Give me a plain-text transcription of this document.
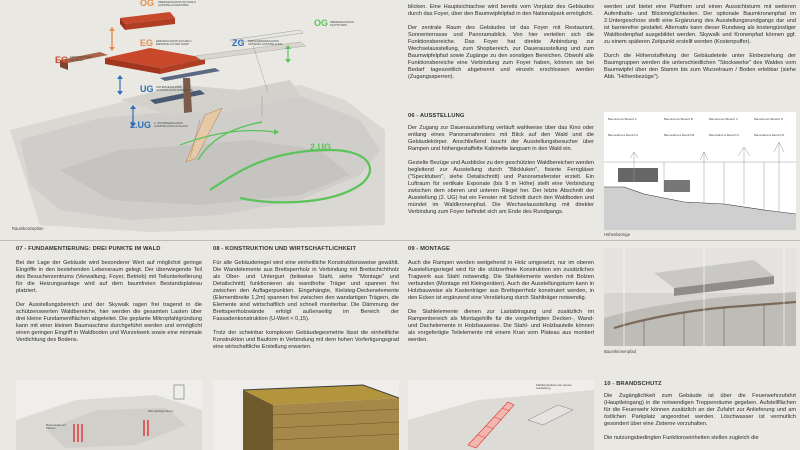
OG OBERGESCHOSS SKYWALK AUSSTELLUNGSTURM
EG ERDGESCHOSS ZUGANG / EMPFANG FOYER SHOP
EG ERDGESCHOSS SKYWALK
ZG ZWISCHENGESCHOSS SKYWALK AUSSTELLUNG
OG OBERGESCHOSS PLATTFORM
UG UNTERGESCHOSS AUSSTELLUNG KABINETTE
2.UG 2. UNTERGESCHOSS AUSSTELLUNG AUSLAUF
2.UG
Raumkonzeption

blicken. Eine Hauptsichtachse wird bereits vom Vorplatz des Gebäudes durch das Foyer, über den Baumwipfelpfad in den Nationalpark ermöglicht.

Der zentrale Raum des Gebäudes ist das Foyer mit Restaurant, Sonnenterrasse und Panoramablick. Von hier verteilen sich die Funktionsbereiche. Das Foyer hat direkte Anbindung zur Wechselausstellung, zum Shopbereich, zur Dauerausstellung und zum Baumwipfelpfad sowie Zugänge zu den sonstigen Bereichen. Obwohl alle Funktionsbereiche eine Verbindung zum Foyer haben, können sie bei Bedarf tageszeitlich abgetrennt und einzeln erschlossen werden (Zugangssperren).

06 - AUSSTELLUNG

Der Zugang zur Dauerausstellung verläuft wahlweise über das Kino oder entlang eines Panoramafensters mit Blick auf den Wald und die Gebäudekörper. Anschließend taucht der Ausstellungsbesucher über Rampen und höhengestaffelte Kabinette langsam in den Wald ein.

Gezielte Bezüge und Ausblicke zu den geschützten Waldbereichen werden begleitend zur Ausstellung durch "Blickluken", fixierte Ferngläser ("Specktuben", siehe Detailschnitt) und Panoramafenster erzielt. Ein Luftraum für vertikale Exponate (bis 9 m Höhe) stellt eine Verbindung zwischen dem oberen und unteren Riegel her. Der letzte Abschnitt der Ausstellung (2. UG) hat ein Fenster mit Schnitt durch den Waldboden und mündet im Waldkronenpfad. Die Wechselausstellung mit direkter Verbindung zum Foyer befindet sich am Ende des Rundgangs.

werden und bietet eine Plattform und einen Aussichtsturm mit weiteren Aufenthalts- und Blickmöglichkeiten. Der optionale Baumkronenpfad im 2.Untergeschoss stellt eine Ergänzung des Ausstellungsrundgangs dar und ist barrierefrei gestaltet. Alternativ kann dieser Rundweg als kostengünstiger Waldbodenpfad ausgebildet werden. Skywalk und Kronenpfad können ggf. zu einem späteren Zeitpunkt erstellt werden (Kostenpuffer).

Durch die Höhenstaffelung der Gebäudeteile unter Einbeziehung der Baumgruppen werden die unterschiedlichen "Stockwerke" des Waldes vom Baumwipfel über den Stamm bis zum Wurzelraum / Boden erlebbar (siehe Abb. "Höhenbezüge").

Baumkronen Bereich A	Baumkronen Bereich B	Baumkronen Bereich C	Baumkronen Bereich D
Baumstämme Bereich A	Baumstämme Bereich B	Baumstämme Bereich C	Baumstämme Bereich D
Höhenbezüge
07 - FUNDAMENTIERUNG: DREI PUNKTE IM WALD

Bei der Lage der Gebäude wird besonderer Wert auf möglichst geringe Eingriffe in den bestehenden Lebensraum gelegt. Der überwiegende Teil des Besucherzentrums (Verwaltung, Foyer, Betrieb) mit Teilunterkellerung für die Heizungsanlage wird auf dem baumfreien Bestandsplateau platziert.

Der Ausstellungsbereich und der Skywalk ragen frei tragend in die schützenswerten Waldbereiche, hier werden die gesamten Lasten über drei kleine Fundamentflächen abgeleitet. Die geplante Mikropfahlgründung kann mit einer kleinen Baumaschine durchgeführt werden und ermöglicht einen geringen Eingriff in Waldboden und Wurzelwerk sowie eine minimale Verdichtung des Bodens.

08 - KONSTRUKTION UND WIRTSCHAFTLICHKEIT

Für alle Gebäuderiegel wird eine einheitliche Konstruktionsweise gewählt. Die Wandelemente aus Brettsperrholz in Verbindung mit Brettschichtholz als Ober- und Untergurt (teilweise Stahl, siehe "Montage" und Detailschnitt) funktionieren als wandhohe Träger und spannen frei zwischen den Auflagerpunkten. Eingehängte, Kielsteg-Deckenelemente (Elementbreite 1,2m) spannen frei zwischen den wandartigen Trägern, die Elemente sind wirtschaftlich und schnell montierbar. Die Dämmung der Brettsperrholzwände erfolgt außenseitig im Bereich der Fassadenkonstruktion (U-Wert < 0,15).

Trotz der scheinbar komplexen Gebäudegeometrie lässt die einheitliche Konstruktion und Bauform in Verbindung mit dem hohen Vorfertigungsgrad eine wirtschaftliche Erstellung erwarten.

09 - MONTAGE

Auch die Rampen werden weitgehend in Holz umgesetzt, nur im oberen Ausstellungsriegel wird für die stützenfreie Konstruktion ein zusätzliches Tragwerk aus Stahl notwendig. Die Stahlelemente werden mit Bolzen verbunden (Montage mit Kleingeräten). Auch der Ausstellungsturm kann in Holzbauweise als Kastenträger aus Brettsperrholz konstruiert werden, in den Ecken ist ergänzend eine Verstärkung durch Stahlträger notwendig.

Die Stahlelemente dienen zur Lastabtragung und zusätzlich im Rampenbereich als Montagehilfe für die vorgefertigten Decken-, Wand- und Dachelemente in Holzbauweise. Die Stahl- und Holzbauteile können als vorgefertigte Teilelemente mit einem Kran vom Plateau aus montiert werden.

Baumkronenpfad
10 - BRANDSCHUTZ

Die Zugänglichkeit zum Gebäude ist über die Feuerwehrzufahrt (Hauptleingang) in die notwendigen Treppenräume gegeben. Aufstellflächen für die Feuerwehr können zusätzlich an der Zufahrt zur Anlieferung und am östlichen Parkplatz angeordnet werden. Löschwasser ist vermutlich gesondert über eine Zisterne vorzuhalten.

Die nutzungsbedingten Funktionseinheiten stellen zugleich die

Bodenplatte auf Pfählen
Mikropfahlgründung
Stahlkonstruktion der oberen Ausstellung
